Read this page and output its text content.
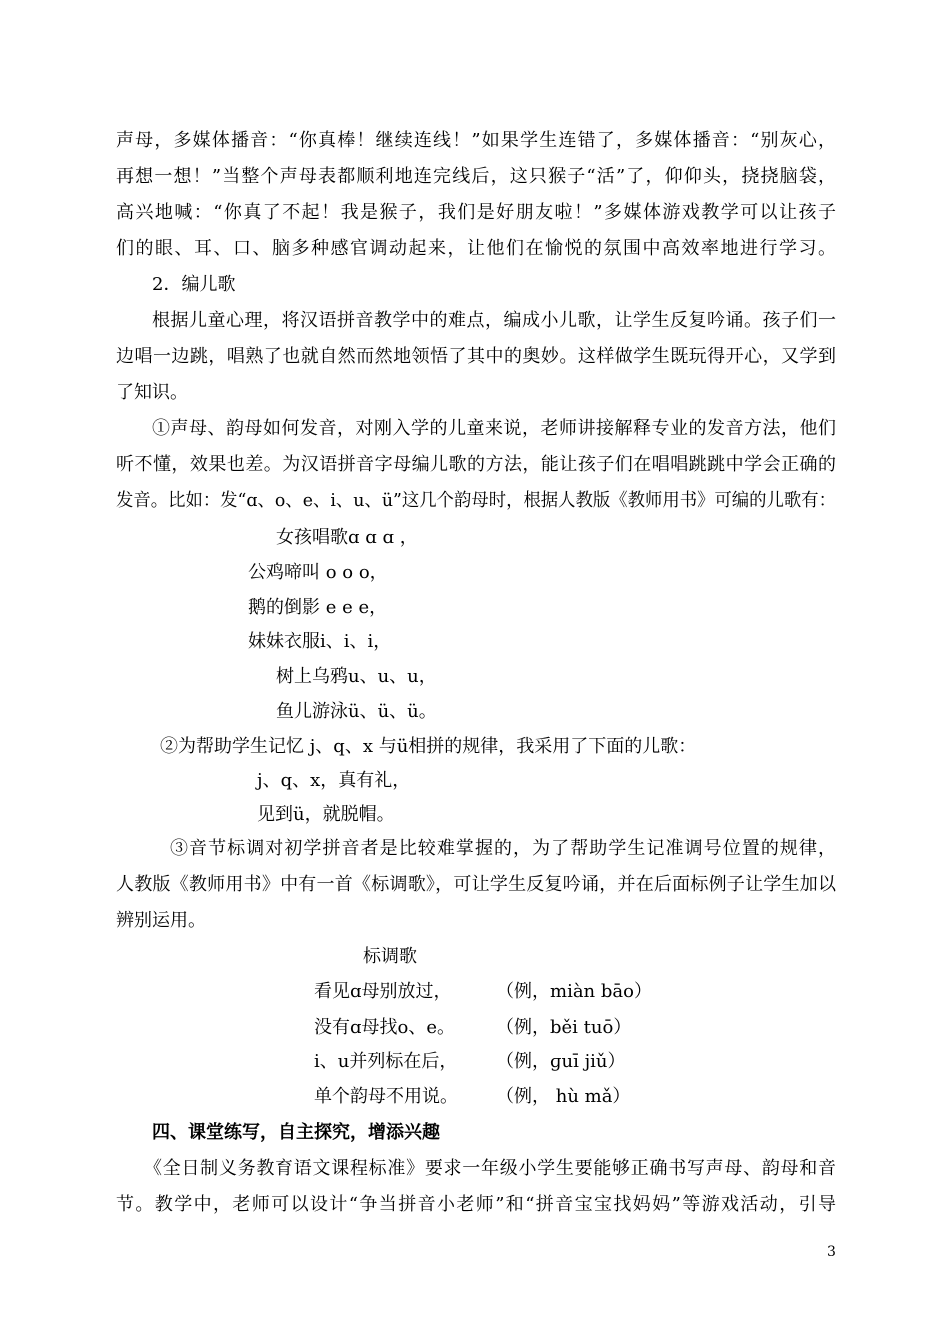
声母，多媒体播音：“你真棒！继续连线！”如果学生连错了，多媒体播音：“别灰心，
再想一想！”当整个声母表都顺利地连完线后，这只猴子“活”了，仰仰头，挠挠脑袋，
高兴地喊：“你真了不起！我是猴子，我们是好朋友啦！”多媒体游戏教学可以让孩子
们的眼、耳、口、脑多种感官调动起来，让他们在愉悦的氛围中高效率地进行学习。
2．编儿歌
根据儿童心理，将汉语拼音教学中的难点，编成小儿歌，让学生反复吟诵。孩子们一
边唱一边跳，唱熟了也就自然而然地领悟了其中的奥妙。这样做学生既玩得开心，又学到
了知识。
①声母、韵母如何发音，对刚入学的儿童来说，老师讲接解释专业的发音方法，他们
听不懂，效果也差。为汉语拼音字母编儿歌的方法，能让孩子们在唱唱跳跳中学会正确的
发音。比如：发“ɑ、o、e、i、u、ü”这几个韵母时，根据人教版《教师用书》可编的儿歌有：
女孩唱歌ɑ ɑ ɑ ，
公鸡啼叫 o o o，
鹅的倒影 e e e，
妹妹衣服i、i、i，
树上乌鸦u、u、u，
鱼儿游泳ü、ü、ü。
②为帮助学生记忆 j、q、x 与ü相拼的规律，我采用了下面的儿歌：
j、q、x，真有礼，
见到ü，就脱帽。
③音节标调对初学拼音者是比较难掌握的，为了帮助学生记准调号位置的规律，
人教版《教师用书》中有一首《标调歌》，可让学生反复吟诵，并在后面标例子让学生加以
辨别运用。
标调歌
看见ɑ母别放过， （例，miàn bāo）
没有ɑ母找o、e。 （例，běi tuō）
i、u并列标在后， （例，ɡuī jiǔ）
单个韵母不用说。 （例， hù mǎ）
四、课堂练写，自主探究，增添兴趣
《全日制义务教育语文课程标准》要求一年级小学生要能够正确书写声母、韵母和音
节。教学中，老师可以设计“争当拼音小老师”和“拼音宝宝找妈妈”等游戏活动，引导
3
